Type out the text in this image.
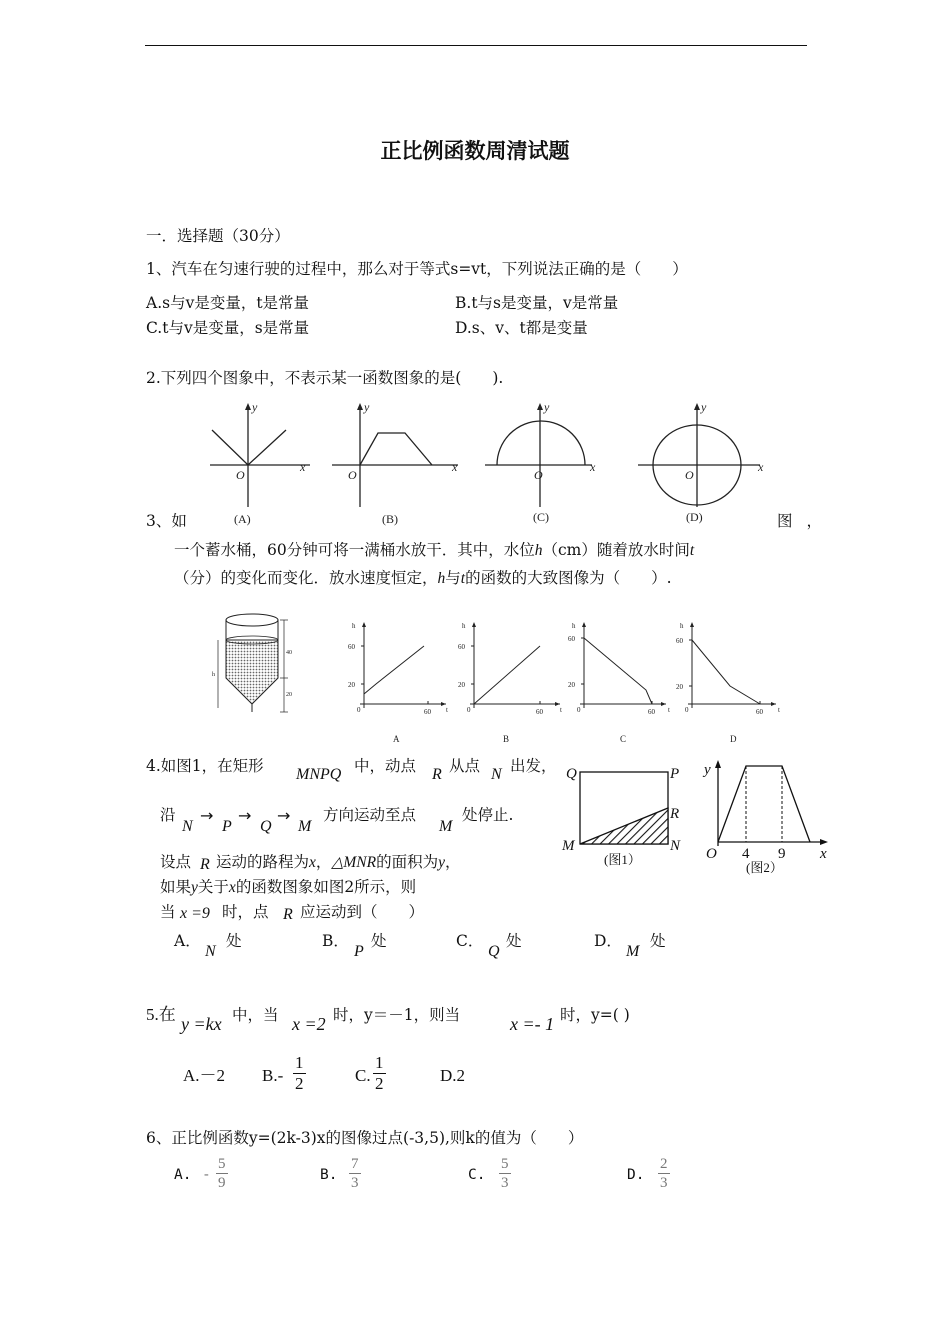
正比例函数周清试题
一．选择题（30分）
1、汽车在匀速行驶的过程中，那么对于等式s=vt，下列说法正确的是（　　）
A.s与v是变量，t是常量	B.t与s是变量，v是常量
C.t与v是变量，s是常量	D.s、v、t都是变量
2.下列四个图象中，不表示某一函数图象的是(　　).
y
x
O
y
x
O
y
x
O
y
x
O
(A)	(B)	(C)	(D)
3、如	图，
一个蓄水桶，60分钟可将一满桶水放干．其中，水位h（cm）随着放水时间t
（分）的变化而变化．放水速度恒定，h与t的函数的大致图像为（　　）.
40
h
20
h
60
20
0	60 t
h
60
20
0	60 t
h
60
20
0	60 t
h
60
20
0	60 t
A	B	C	D
4.如图1，在矩形 MNPQ 中，动点 R 从点 N 出发，
沿
N
→
P
→
Q
→
M
方向运动至点
M
处停止.
设点 R 运动的路程为x，△MNR的面积为y，
如果y关于x的函数图象如图2所示，则
当 x =9 时，点 R 应运动到（　　）
A．
N
处	B．
P
处	C．
Q
处	D．
M
处
Q	P
R
M	N
(图1）
y
O 4 9 x
(图2）
5.在 y =kx 中，当 x =2 时，y＝－1，则当	x =- 1 时，y=( )
A.－2 $B.- \frac{1}{2}$	C. $\frac{1}{2}$	D.2
6、正比例函数y=(2k-3)x的图像过点(-3,5),则k的值为（　　）
A. - $\frac{5}{9}$	B. $\frac{7}{3}$	C. $\frac{5}{3}$	D. $\frac{2}{3}$
